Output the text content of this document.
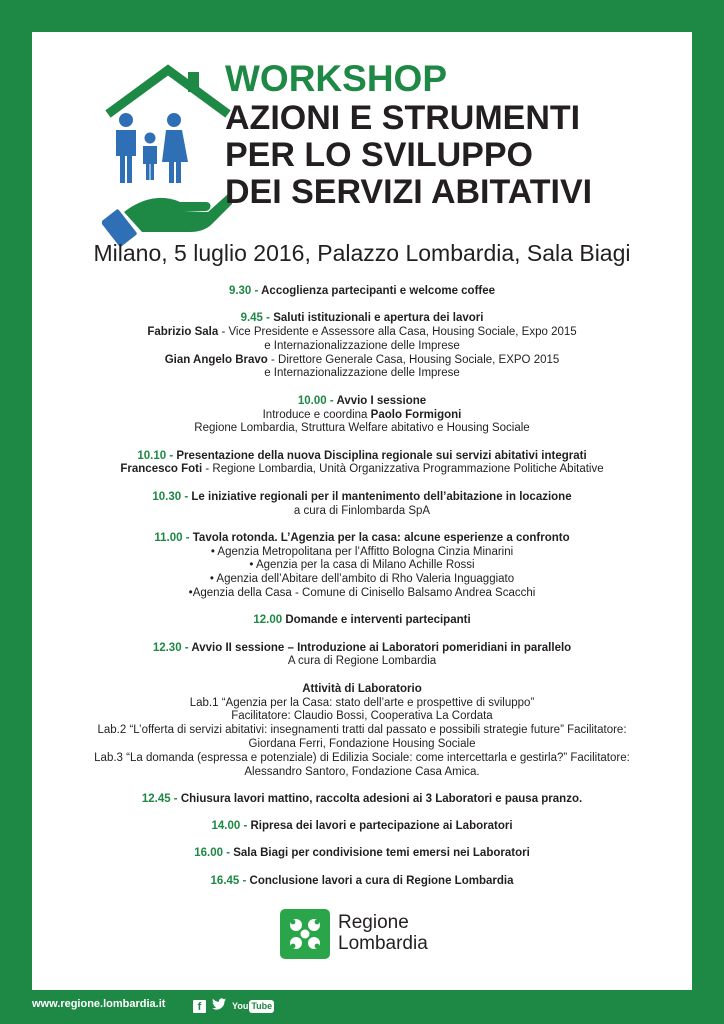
WORKSHOP
AZIONI E STRUMENTI
PER LO SVILUPPO
DEI SERVIZI ABITATIVI
Milano, 5 luglio 2016, Palazzo Lombardia, Sala Biagi
9.30 - Accoglienza partecipanti e welcome coffee
9.45 - Saluti istituzionali e apertura dei lavori
Fabrizio Sala - Vice Presidente e Assessore alla Casa, Housing Sociale, Expo 2015
e Internazionalizzazione delle Imprese
Gian Angelo Bravo - Direttore Generale Casa, Housing Sociale, EXPO 2015
e Internazionalizzazione delle Imprese
10.00 - Avvio I sessione
Introduce e coordina Paolo Formigoni
Regione Lombardia, Struttura Welfare abitativo e Housing Sociale
10.10 - Presentazione della nuova Disciplina regionale sui servizi abitativi integrati
Francesco Foti - Regione Lombardia, Unità Organizzativa Programmazione Politiche Abitative
10.30 - Le iniziative regionali per il mantenimento dell’abitazione in locazione
a cura di Finlombarda SpA
11.00 - Tavola rotonda. L’Agenzia per la casa: alcune esperienze a confronto
• Agenzia Metropolitana per l’Affitto Bologna Cinzia Minarini
• Agenzia per la casa di Milano Achille Rossi
• Agenzia dell’Abitare dell’ambito di Rho Valeria Inguaggiato
•Agenzia della Casa - Comune di Cinisello Balsamo Andrea Scacchi
12.00 Domande e interventi partecipanti
12.30 - Avvio II sessione – Introduzione ai Laboratori pomeridiani in parallelo
A cura di Regione Lombardia
Attività di Laboratorio
Lab.1 “Agenzia per la Casa: stato dell’arte e prospettive di sviluppo”
Facilitatore: Claudio Bossi, Cooperativa La Cordata
Lab.2 “L’offerta di servizi abitativi: insegnamenti tratti dal passato e possibili strategie future” Facilitatore:
Giordana Ferri, Fondazione Housing Sociale
Lab.3 “La domanda (espressa e potenziale) di Edilizia Sociale: come intercettarla e gestirla?” Facilitatore:
Alessandro Santoro, Fondazione Casa Amica.
12.45 - Chiusura lavori mattino, raccolta adesioni ai 3 Laboratori e pausa pranzo.
14.00 - Ripresa dei lavori e partecipazione ai Laboratori
16.00 - Sala Biagi per condivisione temi emersi nei Laboratori
16.45 - Conclusione lavori a cura di Regione Lombardia
Regione
Lombardia
www.regione.lombardia.it	f	You Tube
